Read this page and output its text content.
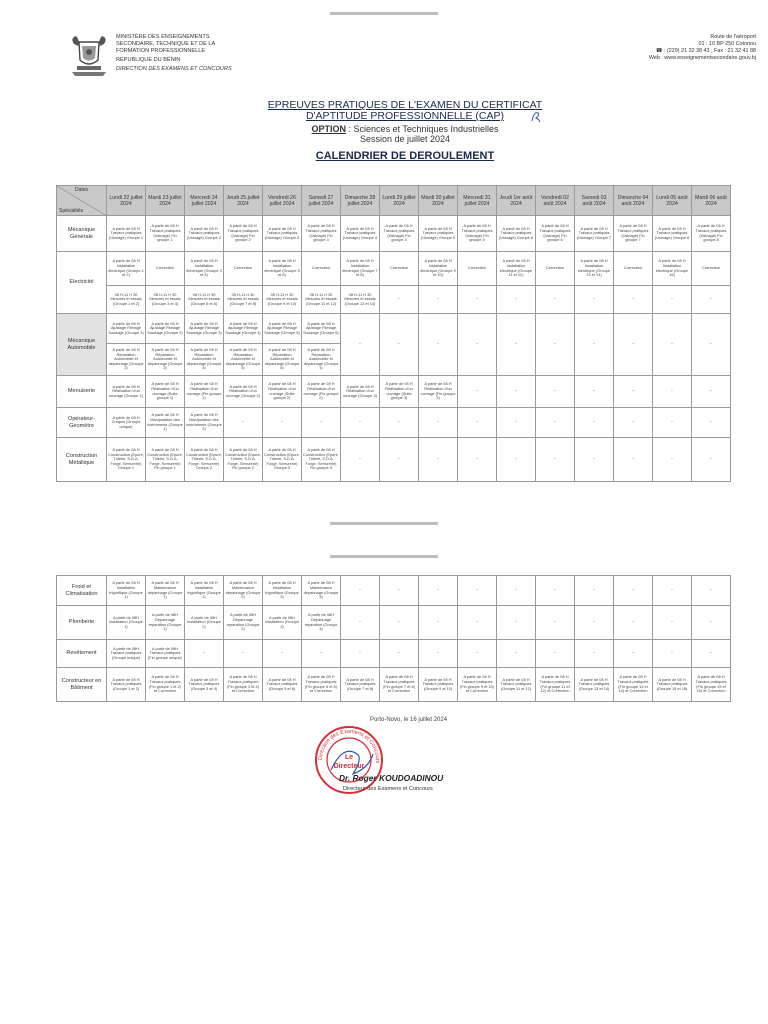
MINISTÈRE DES ENSEIGNEMENTS
SECONDAIRE, TECHNIQUE ET DE LA
FORMATION PROFESSIONNELLE
RÉPUBLIQUE DU BÉNIN
DIRECTION DES EXAMENS ET CONCOURS
Route de l'aéroport
01 : 10 BP 250 Cotonou
☎ : (229) 21 32 38 43 ; Fax : 21 32 41 88
Web : www.enseignementsecondaire.gouv.bj
EPREUVES PRATIQUES DE L'EXAMEN DU CERTIFICAT
D'APTITUDE PROFESSIONNELLE (CAP)
OPTION : Sciences et Techniques Industrielles
Session de juillet 2024
CALENDRIER DE DEROULEMENT
Dates
Spécialités	Lundi 22 juillet 2024	Mardi 23 juillet 2024	Mercredi 24 juillet 2024	Jeudi 25 juillet 2024	Vendredi 26 juillet 2024	Samedi 27 juillet 2024	Dimanche 28 juillet 2024	Lundi 29 juillet 2024	Mardi 30 juillet 2024	Mercredi 31 juillet 2024	Jeudi 1er août 2024	Vendredi 02 août 2024	Samedi 03 août 2024	Dimanche 04 août 2024	Lundi 05 août 2024	Mardi 06 août 2024
Mécanique Générale	A partir de 08 H Travaux pratiques (Usinage) Groupe 1	A partir de 08 H Travaux pratiques (Usinage) Fin groupe 1	A partir de 08 H Travaux pratiques (Usinage) Groupe 2	A partir de 08 H Travaux pratiques (Usinage) Fin groupe 2	A partir de 08 H Travaux pratiques (Usinage) Groupe 3	A partir de 08 H Travaux pratiques (Usinage) Fin groupe 3	A partir de 08 H Travaux pratiques (Usinage) Groupe 4	A partir de 08 H Travaux pratiques (Usinage) Fin groupe 4	A partir de 08 H Travaux pratiques (Usinage) Groupe 5	A partir de 08 H Travaux pratiques (Usinage) Fin groupe 5	A partir de 08 H Travaux pratiques (Usinage) Groupe 6	A partir de 08 H Travaux pratiques (Usinage) Fin groupe 6	A partir de 08 H Travaux pratiques (Usinage) Groupe 7	A partir de 08 H Travaux pratiques (Usinage) Fin groupe 7	A partir de 08 H Travaux pratiques (Usinage) Groupe 8	A partir de 08 H Travaux pratiques (Usinage) Fin groupe 8
Electricité	A partir de 08 H Installation électrique (Groupe 1 et 2)	Correction	A partir de 08 H Installation électrique (Groupe 3 et 4)	Correction	A partir de 08 H Installation électrique (Groupe 5 et 6)	Correction	A partir de 08 H Installation électrique (Groupe 7 et 8)	Correction	A partir de 08 H Installation électrique (Groupe 9 et 10)	Correction	A partir de 08 H Installation électrique (Groupe 11 et 12)	Correction	A partir de 08 H Installation électrique (Groupe 13 et 14)	Correction	A partir de 08 H Installation électrique (Groupe 15)	Correction
	08 H-11 H 30 Mesures et essais (Groupe 1 et 2)	08 H-11 H 30 Mesures et essais (Groupe 3 et 4)	08 H-11 H 30 Mesures et essais (Groupe 5 et 6)	08 H-11 H 30 Mesures et essais (Groupe 7 et 8)	08 H-11 H 30 Mesures et essais (Groupe 9 et 10)	08 H-11 H 30 Mesures et essais (Groupe 11 et 12)	08 H-11 H 30 Mesures et essais (Groupe 13 et 14)	-	-	-	-	-	-	-	-	-
Mécanique Automobile	A partir de 08 H Ajustage Filetage Soudage (Groupe 1)	A partir de 08 H Ajustage Filetage Soudage (Groupe 2)	A partir de 08 H Ajustage Filetage Soudage (Groupe 3)	A partir de 08 H Ajustage Filetage Soudage (Groupe 4)	A partir de 08 H Ajustage Filetage Soudage (Groupe 5)	A partir de 08 H Ajustage Filetage Soudage (Groupe 6)	-	-	-	-	-	-	-	-	-	-
	A partir de 08 H Réparation Automobile et dépannage (Groupe 2)	A partir de 08 H Réparation Automobile et dépannage (Groupe 3)	A partir de 08 H Réparation Automobile et dépannage (Groupe 4)	A partir de 08 H Réparation Automobile et dépannage (Groupe 5)	A partir de 08 H Réparation Automobile et dépannage (Groupe 6)	A partir de 08 H Réparation Automobile et dépannage (Groupe 1)										
Menuiserie	A partir de 08 H Réalisation d'un ouvrage (Groupe 1)	A partir de 08 H Réalisation d'un ouvrage (Suite groupe 1)	A partir de 08 H Réalisation d'un ouvrage (Fin groupe 1)	A partir de 08 H Réalisation d'un ouvrage (Groupe 2)	A partir de 08 H Réalisation d'un ouvrage (Suite groupe 2)	A partir de 08 H Réalisation d'un ouvrage (Fin groupe 2)	A partir de 08 H Réalisation d'un ouvrage (Groupe 3)	A partir de 08 H Réalisation d'un ouvrage (Suite groupe 3)	A partir de 08 H Réalisation d'un ouvrage (Fin groupe 3)	-	-	-	-	-	-	-
Opérateur-Géomètre	A partir de 08 H Croquis (Groupe unique)	A partir de 08 H Manipulation des instruments (Groupe 1)	A partir de 08 H Manipulation des instruments (Groupe 2)	-	-	-	-	-	-	-	-	-	-	-	-	-
Construction Métallique	A partir de 08 H Construction (Epure, Tôlerie, S.D.A, Forge, Serrurerie) Groupe 1	A partir de 08 H Construction (Epure, Tôlerie, S.D.A, Forge, Serrurerie) Fin groupe 1	A partir de 08 H Construction (Epure, Tôlerie, S.D.A, Forge, Serrurerie) Groupe 2	A partir de 08 H Construction (Epure, Tôlerie, S.D.A, Forge, Serrurerie) Fin groupe 2	A partir de 08 H Construction (Epure, Tôlerie, S.D.A, Forge, Serrurerie) Groupe 3	A partir de 08 H Construction (Epure, Tôlerie, S.D.A, Forge, Serrurerie) Fin groupe 3	-	-	-	-	-	-	-	-	-	-
Froid et Climatisation	A partir de 08 H Installation frigorifique (Groupe 1)	A partir de 08 H Maintenance dépannage (Groupe 1)	A partir de 08 H Installation frigorifique (Groupe 2)	A partir de 08 H Maintenance dépannage (Groupe 2)	A partir de 08 H Installation frigorifique (Groupe 3)	A partir de 08 H Maintenance dépannage (Groupe 3)	-	-	-	-	-	-	-	-	-	-
Plomberie	A partir de 08H Installation (Groupe 1)	A partir de 08H Dépannage réparation (Groupe 1)	A partir de 08H Installation (Groupe 2)	A partir de 08H Dépannage réparation (Groupe 2)	A partir de 08H Installation (Groupe 3)	A partir de 08H Dépannage réparation (Groupe 3)	-	-	-	-	-	-	-	-	-	-
Revêtement	A partir de 08H Travaux pratiques (Groupe unique)	A partir de 08H Travaux pratiques (Fin groupe unique)	-	-	-	-	-	-	-	-	-	-	-	-	-	-
Constructeur en Bâtiment	A partir de 08 H Travaux pratiques (Groupe 1 et 2)	A partir de 08 H Travaux pratiques (Fin groupe 1 et 2) et Correction	A partir de 08 H Travaux pratiques (Groupe 3 et 4)	A partir de 08 H Travaux pratiques (Fin groupe 3 et 4) et Correction	A partir de 08 H Travaux pratiques (Groupe 5 et 6)	A partir de 08 H Travaux pratiques (Fin groupe 5 et 6) et Correction	A partir de 08 H Travaux pratiques (Groupe 7 et 8)	A partir de 08 H Travaux pratiques (Fin groupe 7 et 8) et Correction	A partir de 08 H Travaux pratiques (Groupe 9 et 10)	A partir de 08 H Travaux pratiques (Fin groupe 9 et 10) et Correction	A partir de 08 H Travaux pratiques (Groupe 11 et 12)	A partir de 08 H Travaux pratiques (Fin groupe 11 et 12) et Correction	A partir de 08 H Travaux pratiques (Groupe 13 et 14)	A partir de 08 H Travaux pratiques (Fin groupe 13 et 14) et Correction	A partir de 08 H Travaux pratiques (Groupe 15 et 16)	A partir de 08 H Travaux pratiques (Fin groupe 15 et 16) et Correction
Porto-Novo, le 16 juillet 2024
Direction des Examens et Concours
Le
Directeur
Dr. Roger KOUDOADINOU
Directeur des Examens et Concours
